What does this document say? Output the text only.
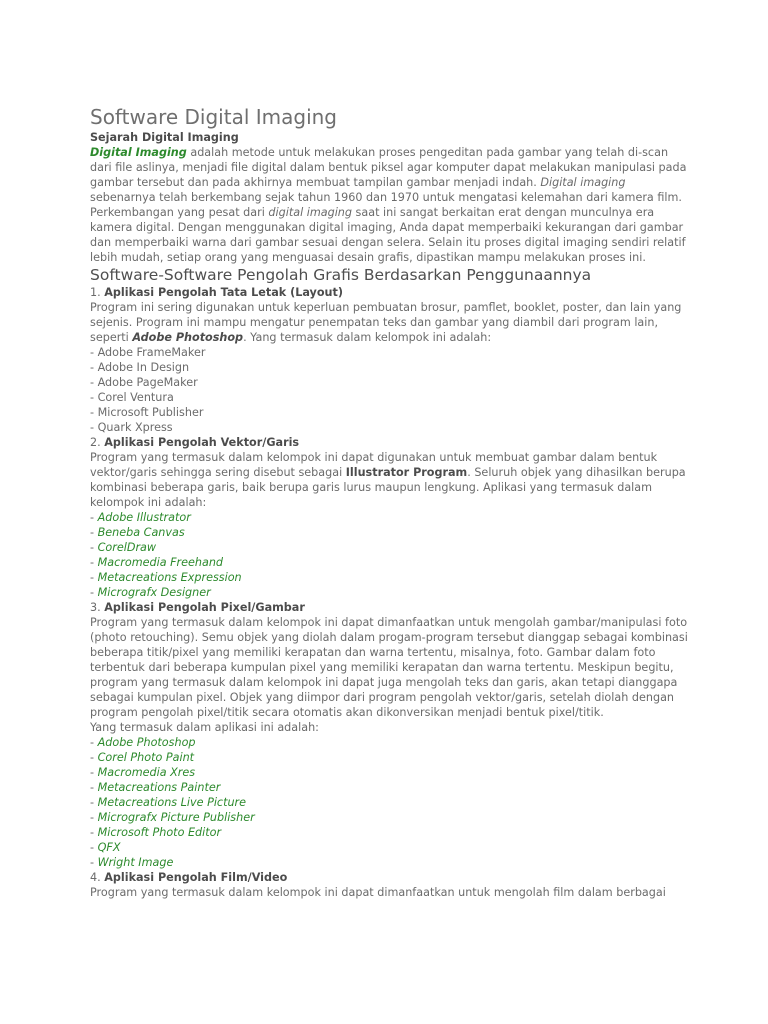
Software Digital Imaging

Sejarah Digital Imaging

Digital Imaging adalah metode untuk melakukan proses pengeditan pada gambar yang telah di-scan dari file aslinya, menjadi file digital dalam bentuk piksel agar komputer dapat melakukan manipulasi pada gambar tersebut dan pada akhirnya membuat tampilan gambar menjadi indah. Digital imaging sebenarnya telah berkembang sejak tahun 1960 dan 1970 untuk mengatasi kelemahan dari kamera film. Perkembangan yang pesat dari digital imaging saat ini sangat berkaitan erat dengan munculnya era kamera digital. Dengan menggunakan digital imaging, Anda dapat memperbaiki kekurangan dari gambar dan memperbaiki warna dari gambar sesuai dengan selera. Selain itu proses digital imaging sendiri relatif lebih mudah, setiap orang yang menguasai desain grafis, dipastikan mampu melakukan proses ini.

Software-Software Pengolah Grafis Berdasarkan Penggunaannya

1. Aplikasi Pengolah Tata Letak (Layout)

Program ini sering digunakan untuk keperluan pembuatan brosur, pamflet, booklet, poster, dan lain yang sejenis. Program ini mampu mengatur penempatan teks dan gambar yang diambil dari program lain, seperti Adobe Photoshop. Yang termasuk dalam kelompok ini adalah:

- Adobe FrameMaker
- Adobe In Design
- Adobe PageMaker
- Corel Ventura
- Microsoft Publisher
- Quark Xpress

2. Aplikasi Pengolah Vektor/Garis

Program yang termasuk dalam kelompok ini dapat digunakan untuk membuat gambar dalam bentuk vektor/garis sehingga sering disebut sebagai Illustrator Program. Seluruh objek yang dihasilkan berupa kombinasi beberapa garis, baik berupa garis lurus maupun lengkung. Aplikasi yang termasuk dalam kelompok ini adalah:

- Adobe Illustrator
- Beneba Canvas
- CorelDraw
- Macromedia Freehand
- Metacreations Expression
- Micrografx Designer

3. Aplikasi Pengolah Pixel/Gambar

Program yang termasuk dalam kelompok ini dapat dimanfaatkan untuk mengolah gambar/manipulasi foto (photo retouching). Semu objek yang diolah dalam progam-program tersebut dianggap sebagai kombinasi beberapa titik/pixel yang memiliki kerapatan dan warna tertentu, misalnya, foto. Gambar dalam foto terbentuk dari beberapa kumpulan pixel yang memiliki kerapatan dan warna tertentu. Meskipun begitu, program yang termasuk dalam kelompok ini dapat juga mengolah teks dan garis, akan tetapi dianggapa sebagai kumpulan pixel. Objek yang diimpor dari program pengolah vektor/garis, setelah diolah dengan program pengolah pixel/titik secara otomatis akan dikonversikan menjadi bentuk pixel/titik.

Yang termasuk dalam aplikasi ini adalah:

- Adobe Photoshop
- Corel Photo Paint
- Macromedia Xres
- Metacreations Painter
- Metacreations Live Picture
- Micrografx Picture Publisher
- Microsoft Photo Editor
- QFX
- Wright Image

4. Aplikasi Pengolah Film/Video

Program yang termasuk dalam kelompok ini dapat dimanfaatkan untuk mengolah film dalam berbagai
